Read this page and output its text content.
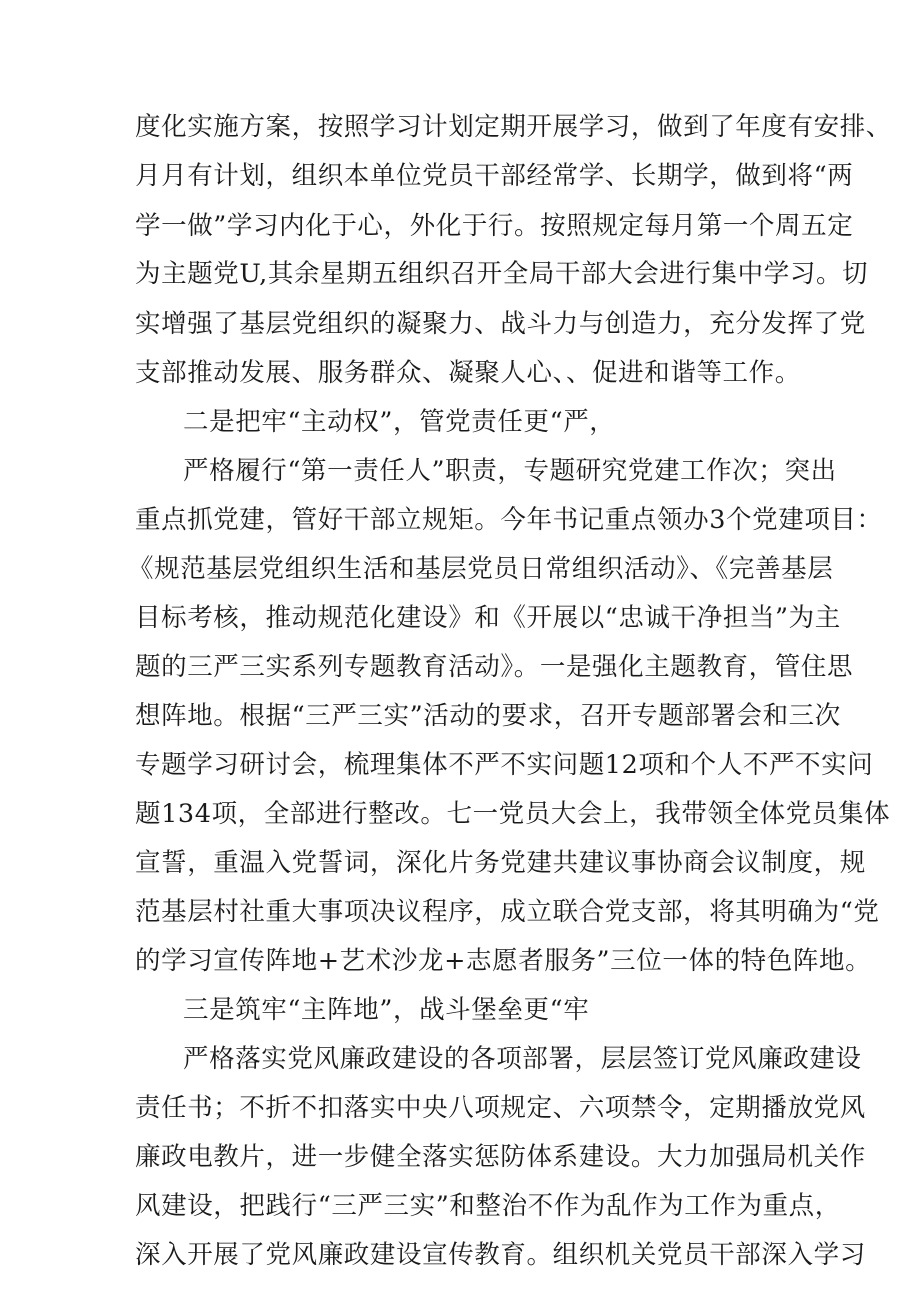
度化实施方案，按照学习计划定期开展学习，做到了年度有安排、
月月有计划，组织本单位党员干部经常学、长期学，做到将“两
学一做”学习内化于心，外化于行。按照规定每月第一个周五定
为主题党U,其余星期五组织召开全局干部大会进行集中学习。切
实增强了基层党组织的凝聚力、战斗力与创造力，充分发挥了党
支部推动发展、服务群众、凝聚人心、、促进和谐等工作。
二是把牢“主动权”，管党责任更“严，
严格履行“第一责任人”职责，专题研究党建工作次；突出
重点抓党建，管好干部立规矩。今年书记重点领办3个党建项目：
《规范基层党组织生活和基层党员日常组织活动》、《完善基层
目标考核，推动规范化建设》和《开展以“忠诚干净担当”为主
题的三严三实系列专题教育活动》。一是强化主题教育，管住思
想阵地。根据“三严三实”活动的要求，召开专题部署会和三次
专题学习研讨会，梳理集体不严不实问题12项和个人不严不实问
题134项，全部进行整改。七一党员大会上，我带领全体党员集体
宣誓，重温入党誓词，深化片务党建共建议事协商会议制度，规
范基层村社重大事项决议程序，成立联合党支部，将其明确为“党
的学习宣传阵地+艺术沙龙+志愿者服务”三位一体的特色阵地。
三是筑牢“主阵地”，战斗堡垒更“牢
严格落实党风廉政建设的各项部署，层层签订党风廉政建设
责任书；不折不扣落实中央八项规定、六项禁令，定期播放党风
廉政电教片，进一步健全落实惩防体系建设。大力加强局机关作
风建设，把践行“三严三实”和整治不作为乱作为工作为重点，
深入开展了党风廉政建设宣传教育。组织机关党员干部深入学习
